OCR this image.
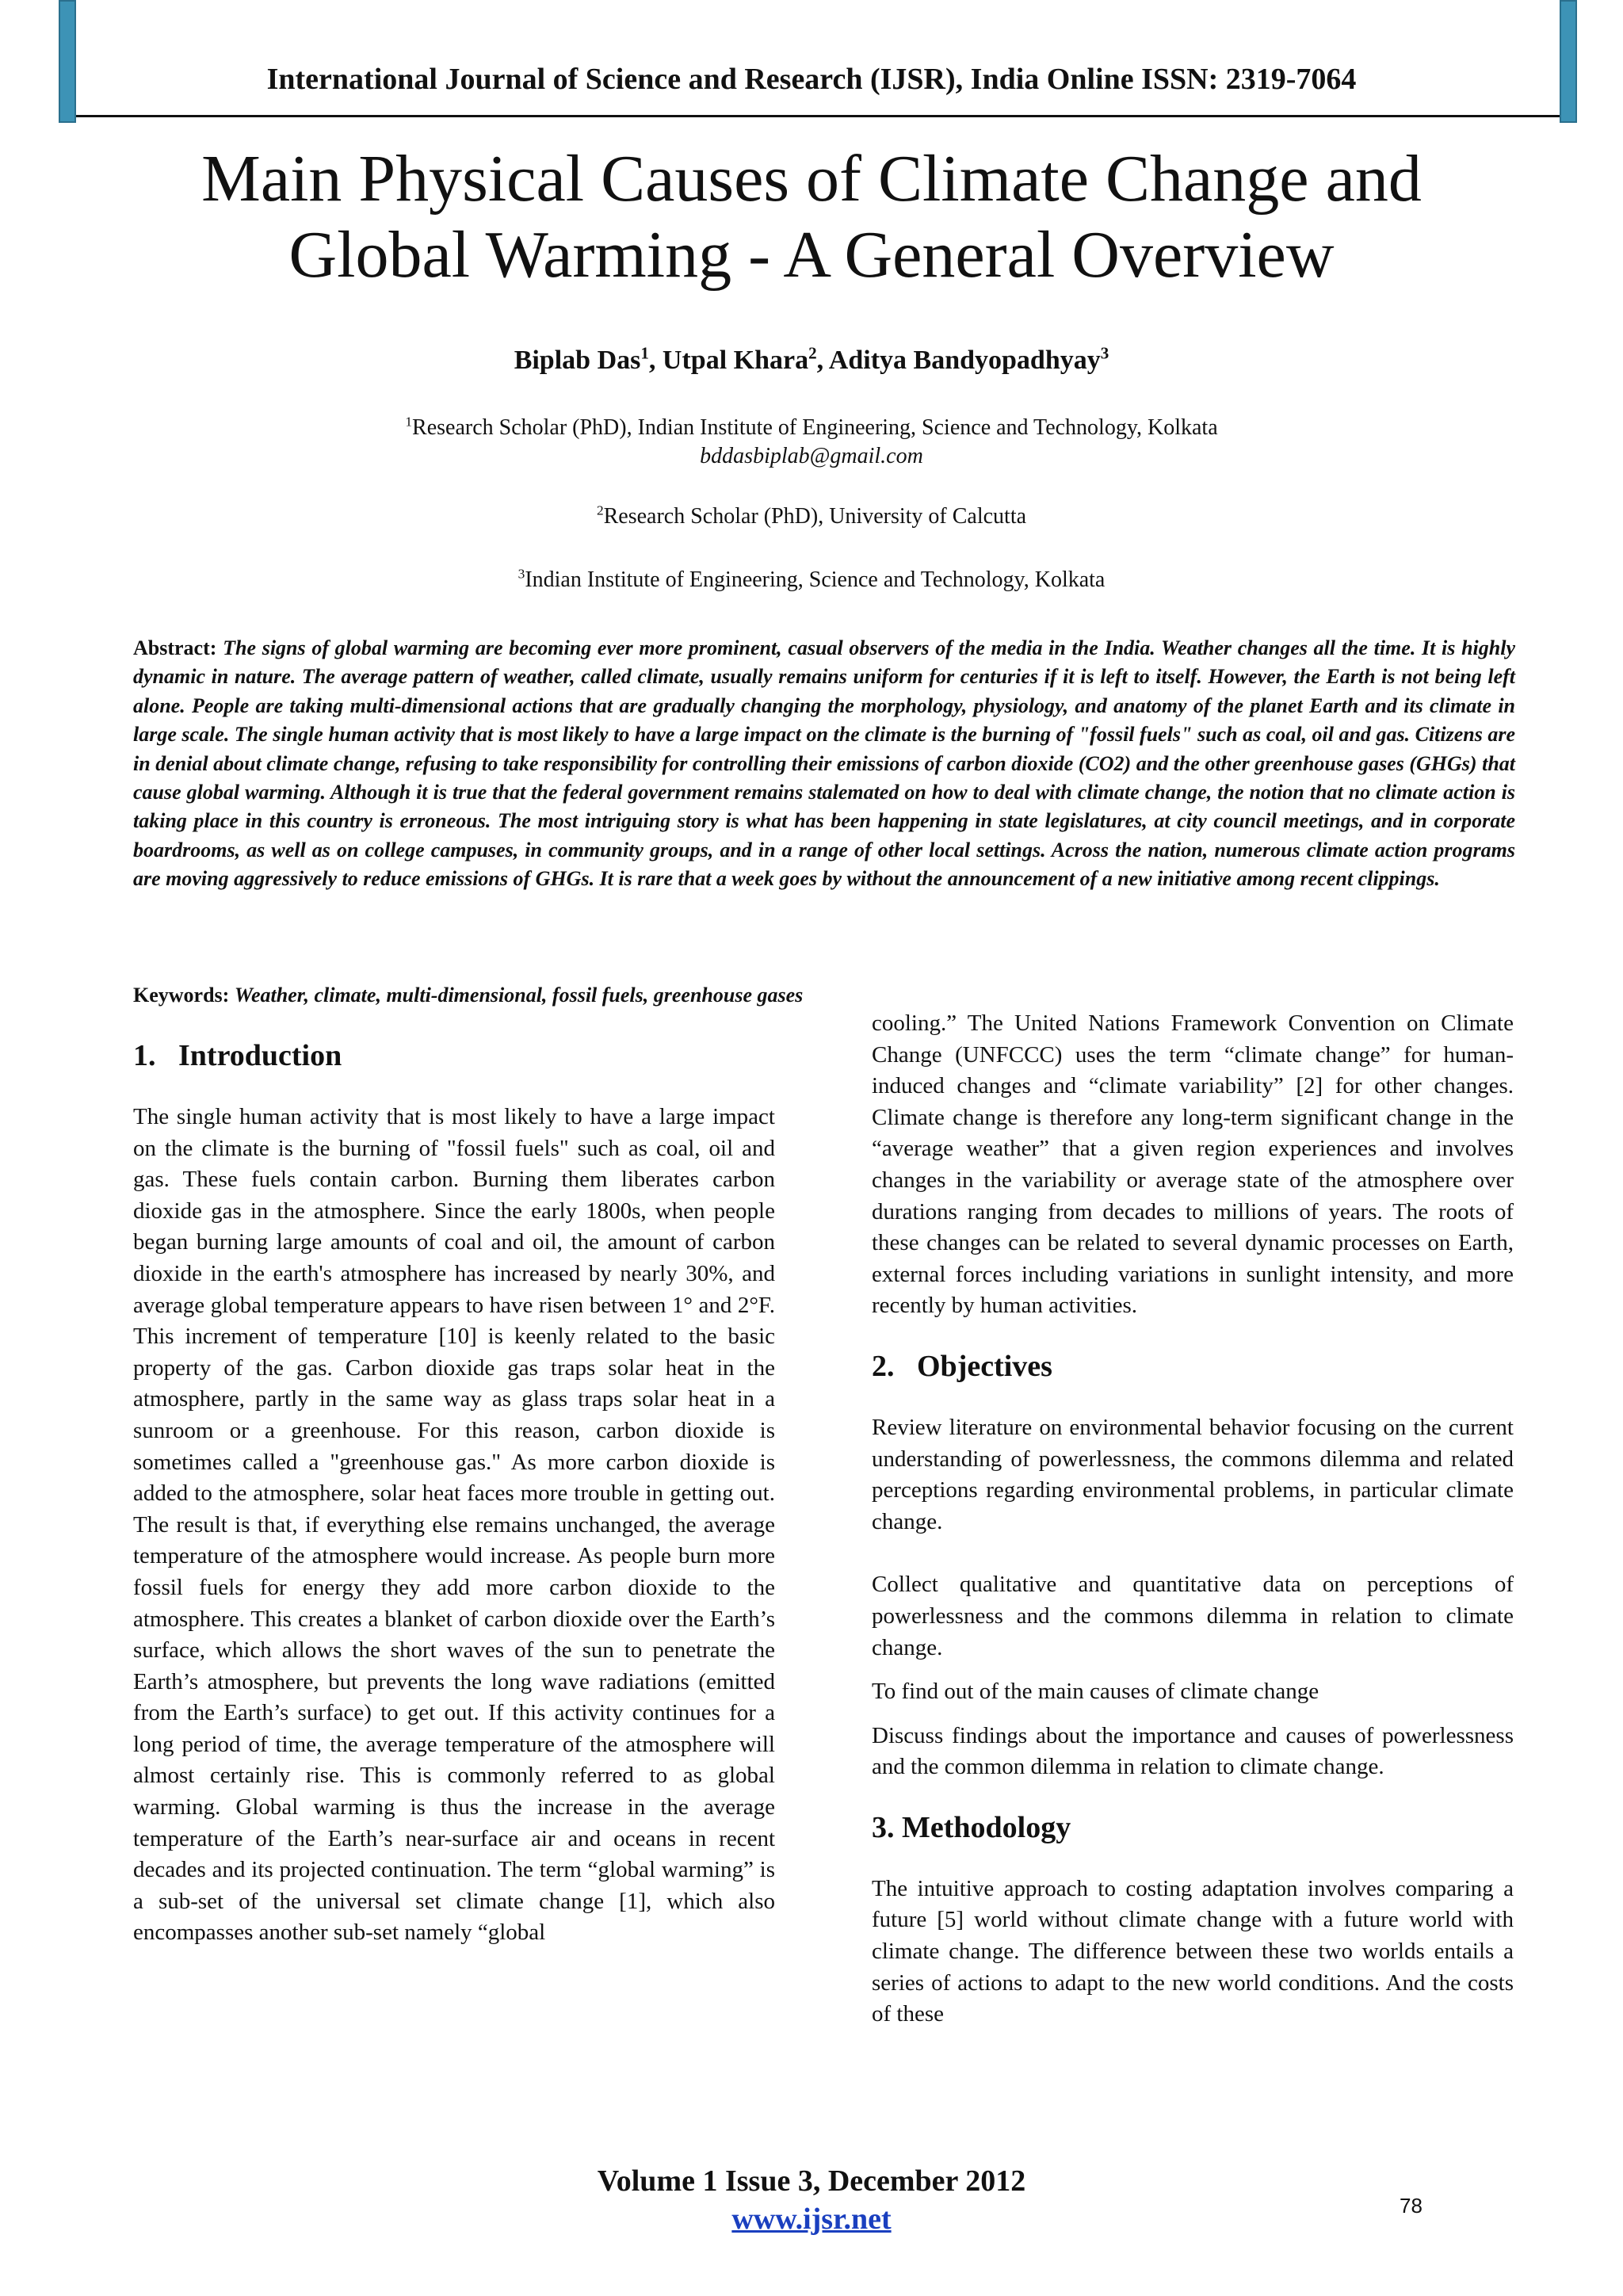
International Journal of Science and Research (IJSR), India Online ISSN: 2319-7064
Main Physical Causes of Climate Change and
Global Warming - A General Overview
Biplab Das$^1$, Utpal Khara$^2$, Aditya Bandyopadhyay$^3$
$^1$Research Scholar (PhD), Indian Institute of Engineering, Science and Technology, Kolkata
bddasbiplab@gmail.com
$^2$Research Scholar (PhD), University of Calcutta
$^3$Indian Institute of Engineering, Science and Technology, Kolkata
Abstract: The signs of global warming are becoming ever more prominent, casual observers of the media in the India. Weather changes all the time. It is highly dynamic in nature. The average pattern of weather, called climate, usually remains uniform for centuries if it is left to itself. However, the Earth is not being left alone. People are taking multi-dimensional actions that are gradually changing the morphology, physiology, and anatomy of the planet Earth and its climate in large scale. The single human activity that is most likely to have a large impact on the climate is the burning of "fossil fuels" such as coal, oil and gas. Citizens are in denial about climate change, refusing to take responsibility for controlling their emissions of carbon dioxide (CO2) and the other greenhouse gases (GHGs) that cause global warming. Although it is true that the federal government remains stalemated on how to deal with climate change, the notion that no climate action is taking place in this country is erroneous. The most intriguing story is what has been happening in state legislatures, at city council meetings, and in corporate boardrooms, as well as on college campuses, in community groups, and in a range of other local settings. Across the nation, numerous climate action programs are moving aggressively to reduce emissions of GHGs. It is rare that a week goes by without the announcement of a new initiative among recent clippings.
Keywords: Weather, climate, multi-dimensional, fossil fuels, greenhouse gases
1. Introduction

The single human activity that is most likely to have a large impact on the climate is the burning of "fossil fuels" such as coal, oil and gas. These fuels contain carbon. Burning them liberates carbon dioxide gas in the atmosphere. Since the early 1800s, when people began burning large amounts of coal and oil, the amount of carbon dioxide in the earth's atmosphere has increased by nearly 30%, and average global temperature appears to have risen between 1° and 2°F. This increment of temperature [10] is keenly related to the basic property of the gas. Carbon dioxide gas traps solar heat in the atmosphere, partly in the same way as glass traps solar heat in a sunroom or a greenhouse. For this reason, carbon dioxide is sometimes called a "greenhouse gas." As more carbon dioxide is added to the atmosphere, solar heat faces more trouble in getting out. The result is that, if everything else remains unchanged, the average temperature of the atmosphere would increase. As people burn more fossil fuels for energy they add more carbon dioxide to the atmosphere. This creates a blanket of carbon dioxide over the Earth’s surface, which allows the short waves of the sun to penetrate the Earth’s atmosphere, but prevents the long wave radiations (emitted from the Earth’s surface) to get out. If this activity continues for a long period of time, the average temperature of the atmosphere will almost certainly rise. This is commonly referred to as global warming. Global warming is thus the increase in the average temperature of the Earth’s near-surface air and oceans in recent decades and its projected continuation. The term “global warming” is a sub-set of the universal set climate change [1], which also encompasses another sub-set namely “global

cooling.” The United Nations Framework Convention on Climate Change (UNFCCC) uses the term “climate change” for human-induced changes and “climate variability” [2] for other changes. Climate change is therefore any long-term significant change in the “average weather” that a given region experiences and involves changes in the variability or average state of the atmosphere over durations ranging from decades to millions of years. The roots of these changes can be related to several dynamic processes on Earth, external forces including variations in sunlight intensity, and more recently by human activities.

2. Objectives

Review literature on environmental behavior focusing on the current understanding of powerlessness, the commons dilemma and related perceptions regarding environmental problems, in particular climate change.

Collect qualitative and quantitative data on perceptions of powerlessness and the commons dilemma in relation to climate change.

To find out of the main causes of climate change

Discuss findings about the importance and causes of powerlessness and the common dilemma in relation to climate change.

3. Methodology

The intuitive approach to costing adaptation involves comparing a future [5] world without climate change with a future world with climate change. The difference between these two worlds entails a series of actions to adapt to the new world conditions. And the costs of these

Volume 1 Issue 3, December 2012
www.ijsr.net	78
